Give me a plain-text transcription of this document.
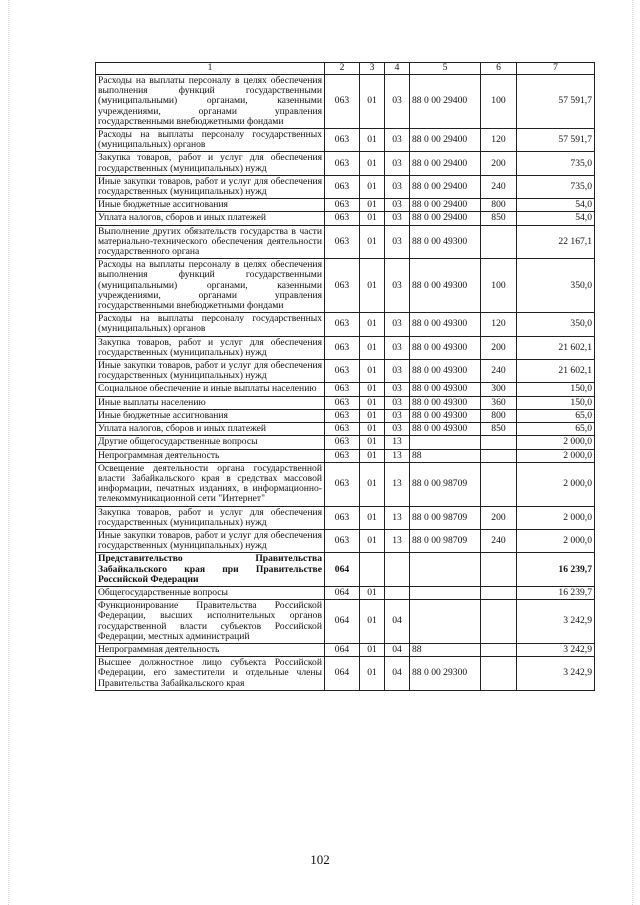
1	2	3	4	5	6	7
Расходы на выплаты персоналу в целях обеспечения выполнения функций государственными (муниципальными) органами, казенными учреждениями, органами управления государственными внебюджетными фондами	063	01	03	88 0 00 29400	100	57 591,7
Расходы на выплаты персоналу государственных (муниципальных) органов	063	01	03	88 0 00 29400	120	57 591,7
Закупка товаров, работ и услуг для обеспечения государственных (муниципальных) нужд	063	01	03	88 0 00 29400	200	735,0
Иные закупки товаров, работ и услуг для обеспечения государственных (муниципальных) нужд	063	01	03	88 0 00 29400	240	735,0
Иные бюджетные ассигнования	063	01	03	88 0 00 29400	800	54,0
Уплата налогов, сборов и иных платежей	063	01	03	88 0 00 29400	850	54,0
Выполнение других обязательств государства в части материально-технического обеспечения деятельности государственного органа	063	01	03	88 0 00 49300		22 167,1
Расходы на выплаты персоналу в целях обеспечения выполнения функций государственными (муниципальными) органами, казенными учреждениями, органами управления государственными внебюджетными фондами	063	01	03	88 0 00 49300	100	350,0
Расходы на выплаты персоналу государственных (муниципальных) органов	063	01	03	88 0 00 49300	120	350,0
Закупка товаров, работ и услуг для обеспечения государственных (муниципальных) нужд	063	01	03	88 0 00 49300	200	21 602,1
Иные закупки товаров, работ и услуг для обеспечения государственных (муниципальных) нужд	063	01	03	88 0 00 49300	240	21 602,1
Социальное обеспечение и иные выплаты населению	063	01	03	88 0 00 49300	300	150,0
Иные выплаты населению	063	01	03	88 0 00 49300	360	150,0
Иные бюджетные ассигнования	063	01	03	88 0 00 49300	800	65,0
Уплата налогов, сборов и иных платежей	063	01	03	88 0 00 49300	850	65,0
Другие общегосударственные вопросы	063	01	13			2 000,0
Непрограммная деятельность	063	01	13	88		2 000,0
Освещение деятельности органа государственной власти Забайкальского края в средствах массовой информации, печатных изданиях, в информационно-телекоммуникационной сети "Интернет"	063	01	13	88 0 00 98709		2 000,0
Закупка товаров, работ и услуг для обеспечения государственных (муниципальных) нужд	063	01	13	88 0 00 98709	200	2 000,0
Иные закупки товаров, работ и услуг для обеспечения государственных (муниципальных) нужд	063	01	13	88 0 00 98709	240	2 000,0
Представительство Правительства Забайкальского края при Правительстве Российской Федерации	064					16 239,7
Общегосударственные вопросы	064	01				16 239,7
Функционирование Правительства Российской Федерации, высших исполнительных органов государственной власти субъектов Российской Федерации, местных администраций	064	01	04			3 242,9
Непрограммная деятельность	064	01	04	88		3 242,9
Высшее должностное лицо субъекта Российской Федерации, его заместители и отдельные члены Правительства Забайкальского края	064	01	04	88 0 00 29300		3 242,9
102
